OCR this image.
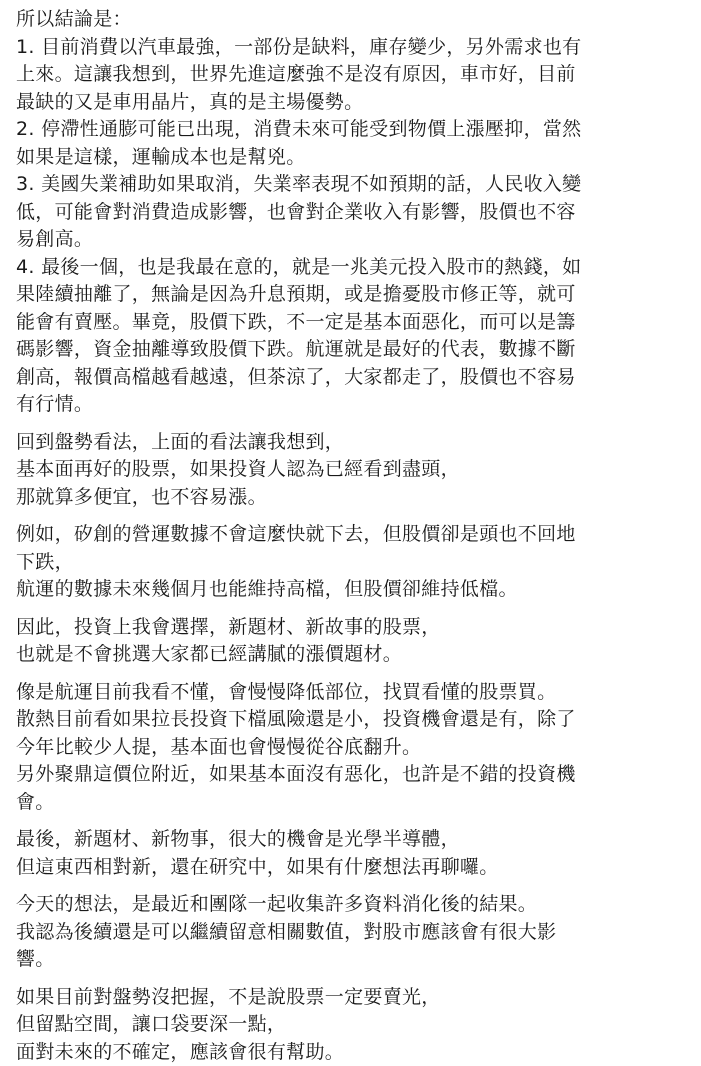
所以結論是：
1. 目前消費以汽車最強，一部份是缺料，庫存變少，另外需求也有
上來。這讓我想到，世界先進這麼強不是沒有原因，車市好，目前
最缺的又是車用晶片，真的是主場優勢。
2. 停滯性通膨可能已出現，消費未來可能受到物價上漲壓抑，當然
如果是這樣，運輸成本也是幫兇。
3. 美國失業補助如果取消，失業率表現不如預期的話，人民收入變
低，可能會對消費造成影響，也會對企業收入有影響，股價也不容
易創高。
4. 最後一個，也是我最在意的，就是一兆美元投入股市的熱錢，如
果陸續抽離了，無論是因為升息預期，或是擔憂股市修正等，就可
能會有賣壓。畢竟，股價下跌，不一定是基本面惡化，而可以是籌
碼影響，資金抽離導致股價下跌。航運就是最好的代表，數據不斷
創高，報價高檔越看越遠，但茶涼了，大家都走了，股價也不容易
有行情。
回到盤勢看法，上面的看法讓我想到，
基本面再好的股票，如果投資人認為已經看到盡頭，
那就算多便宜，也不容易漲。
例如，矽創的營運數據不會這麼快就下去，但股價卻是頭也不回地
下跌，
航運的數據未來幾個月也能維持高檔，但股價卻維持低檔。
因此，投資上我會選擇，新題材、新故事的股票，
也就是不會挑選大家都已經講膩的漲價題材。
像是航運目前我看不懂，會慢慢降低部位，找買看懂的股票買。
散熱目前看如果拉長投資下檔風險還是小，投資機會還是有，除了
今年比較少人提，基本面也會慢慢從谷底翻升。
另外聚鼎這價位附近，如果基本面沒有惡化，也許是不錯的投資機
會。
最後，新題材、新物事，很大的機會是光學半導體，
但這東西相對新，還在研究中，如果有什麼想法再聊囉。
今天的想法，是最近和團隊一起收集許多資料消化後的結果。
我認為後續還是可以繼續留意相關數值，對股市應該會有很大影
響。
如果目前對盤勢沒把握，不是說股票一定要賣光，
但留點空間，讓口袋要深一點，
面對未來的不確定，應該會很有幫助。
